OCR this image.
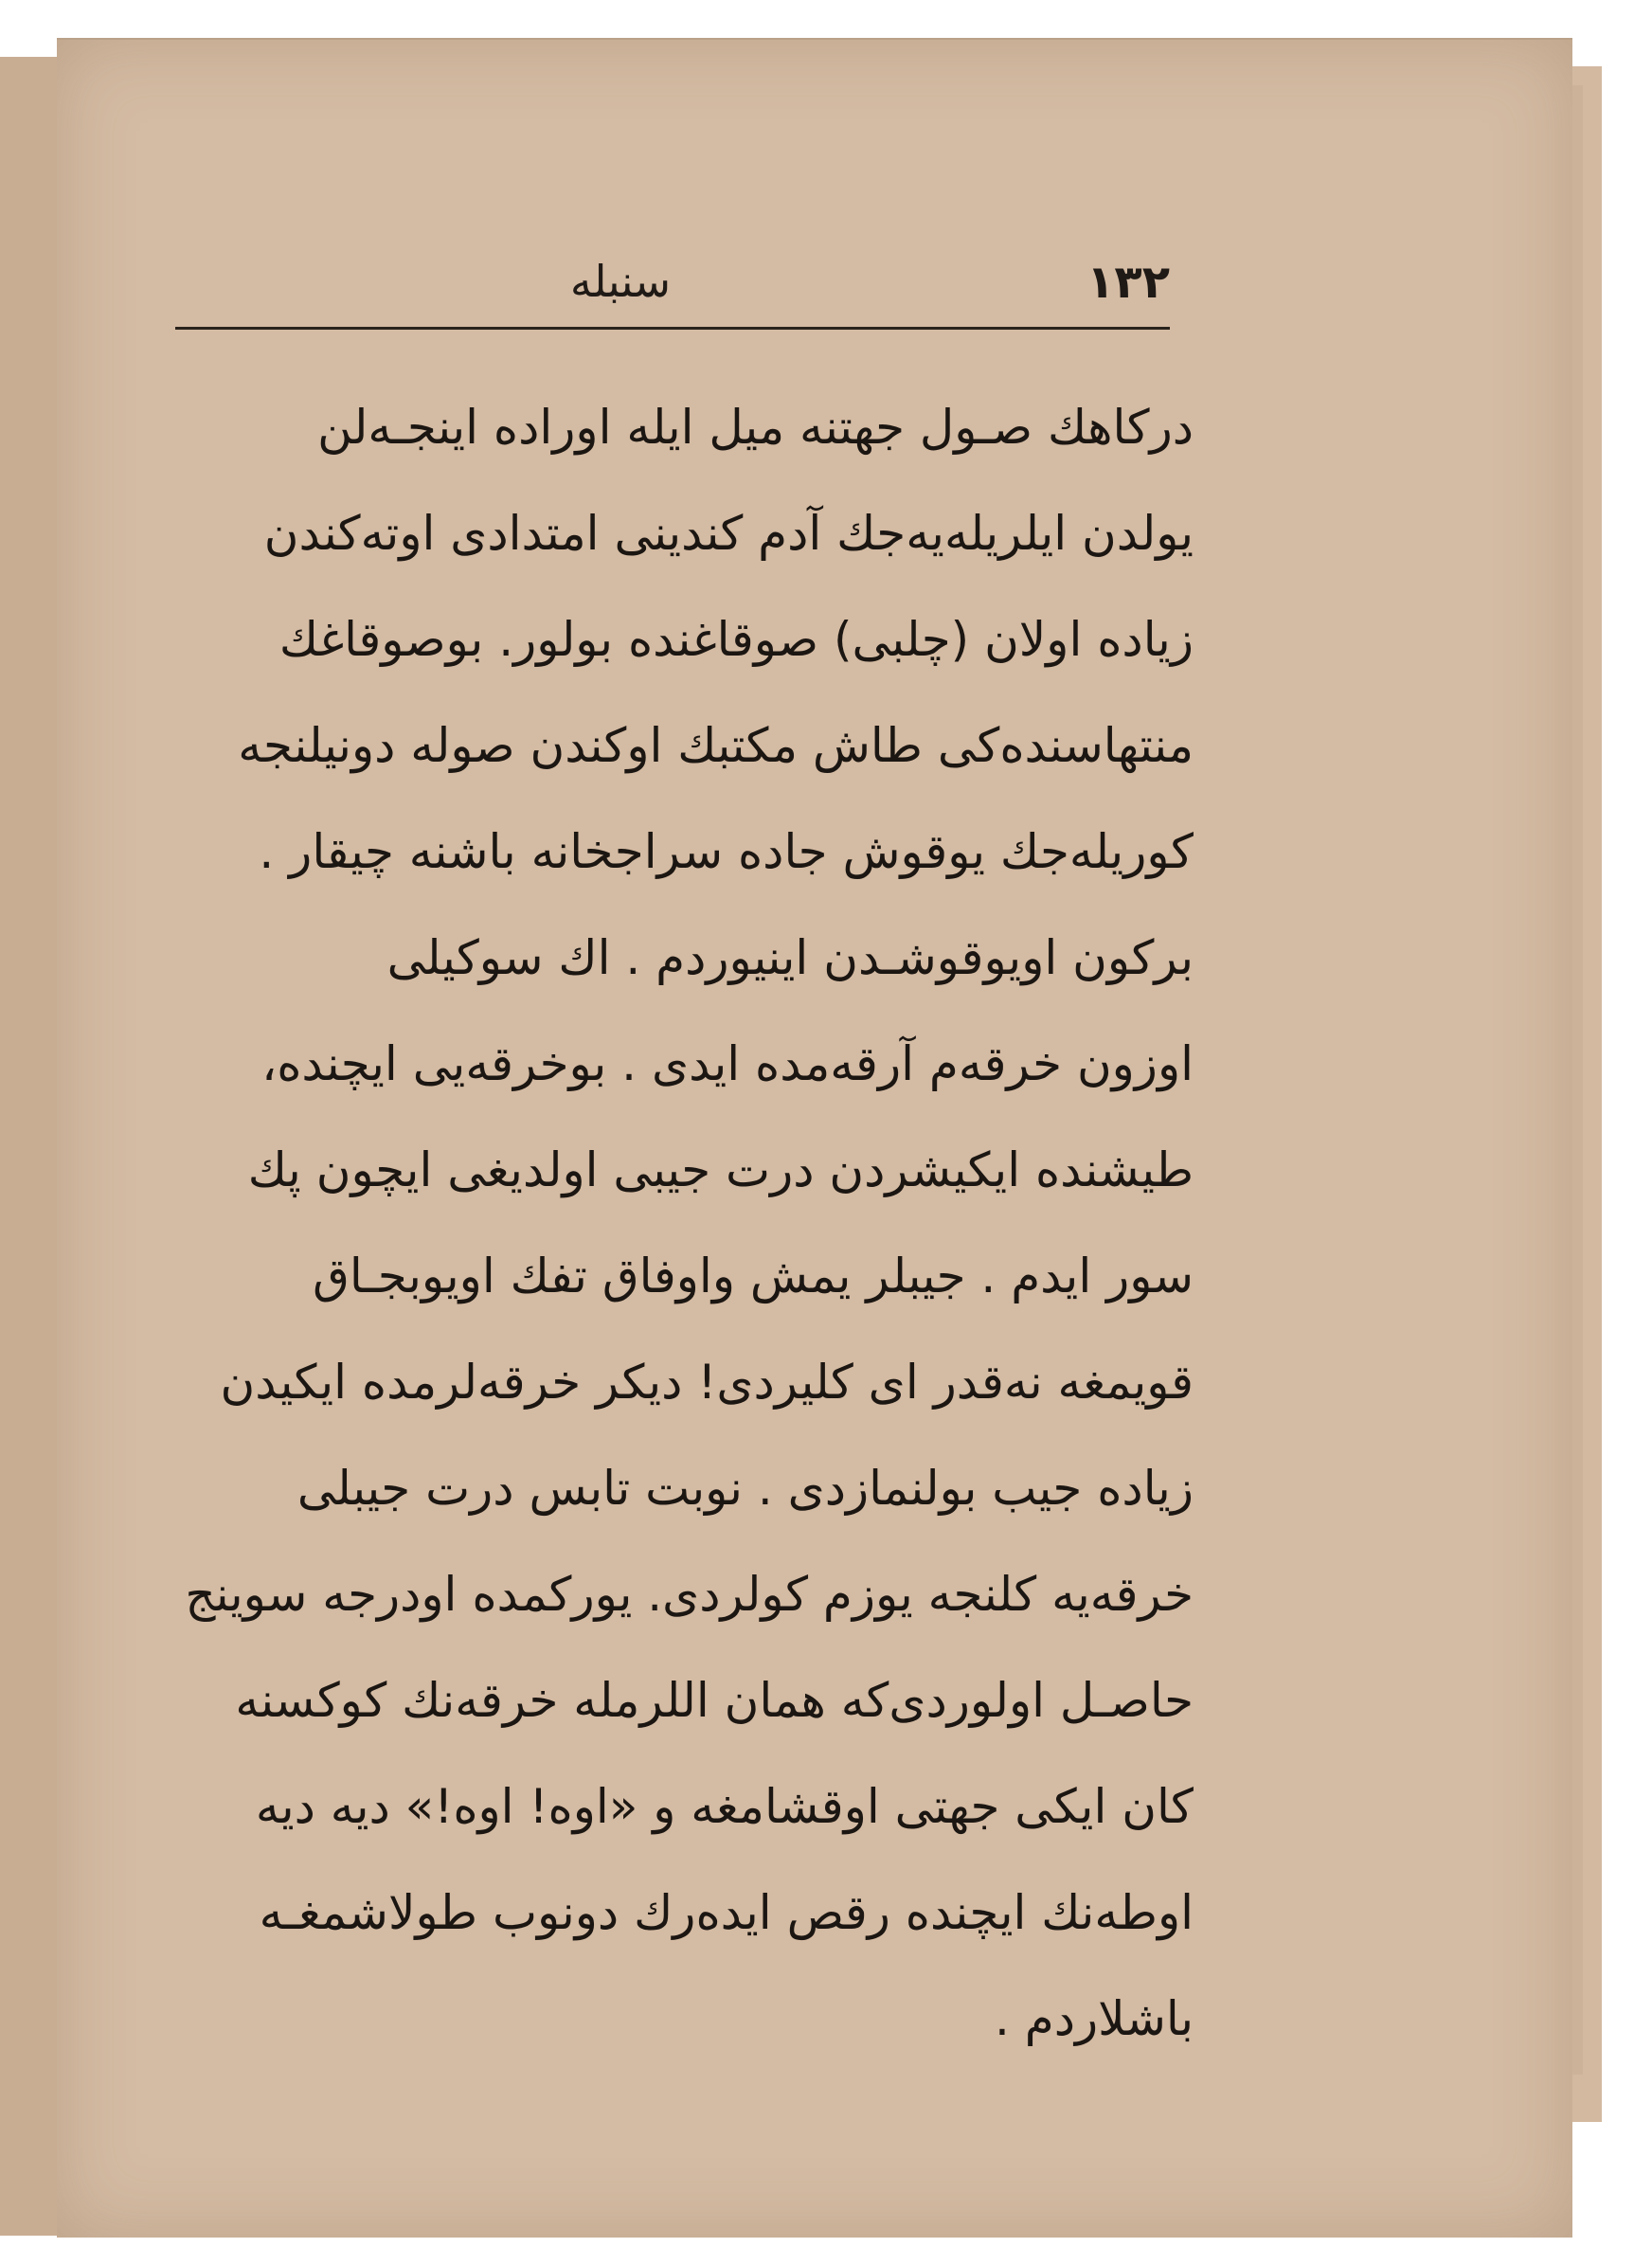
١٣٢
سنبله
درکاهك صـول جهتنه میل ایله اوراده اینجـه‌لن
یولدن ایلریله‌یه‌جك آدم کندینی امتدادی اوته‌کندن
زیاده اولان (چلبی) صوقاغنده بولور. بوصوقاغك
منتهاسنده‌کی طاش مکتبك اوکندن صوله دونیلنجه
کوریله‌جك یوقوش جاده سراجخانه باشنه چیقار .
برکون اویوقوشـدن اینیوردم . اك سوکیلی
اوزون خرقه‌م آرقه‌مده ایدی . بوخرقه‌یی ایچنده،
طیشنده ایکیشردن درت جیبی اولدیغی ایچون پك
سور ایدم . جیبلر یمش واوفاق تفك اویوبجـاق
قویمغه نه‌قدر ای کلیردی! دیکر خرقه‌لرمده ایکیدن
زیاده جیب بولنمازدی . نوبت تابس درت جیبلی
خرقه‌یه کلنجه یوزم کولردی. یورکمده اودرجه سوینج
حاصـل اولوردی‌که همان اللرمله خرقه‌نك کوکسنه
کان ایکی جهتی اوقشامغه و «اوه! اوه!» دیه دیه
اوطه‌نك ایچنده رقص ایده‌رك دونوب طولاشمغـه
باشلاردم .
